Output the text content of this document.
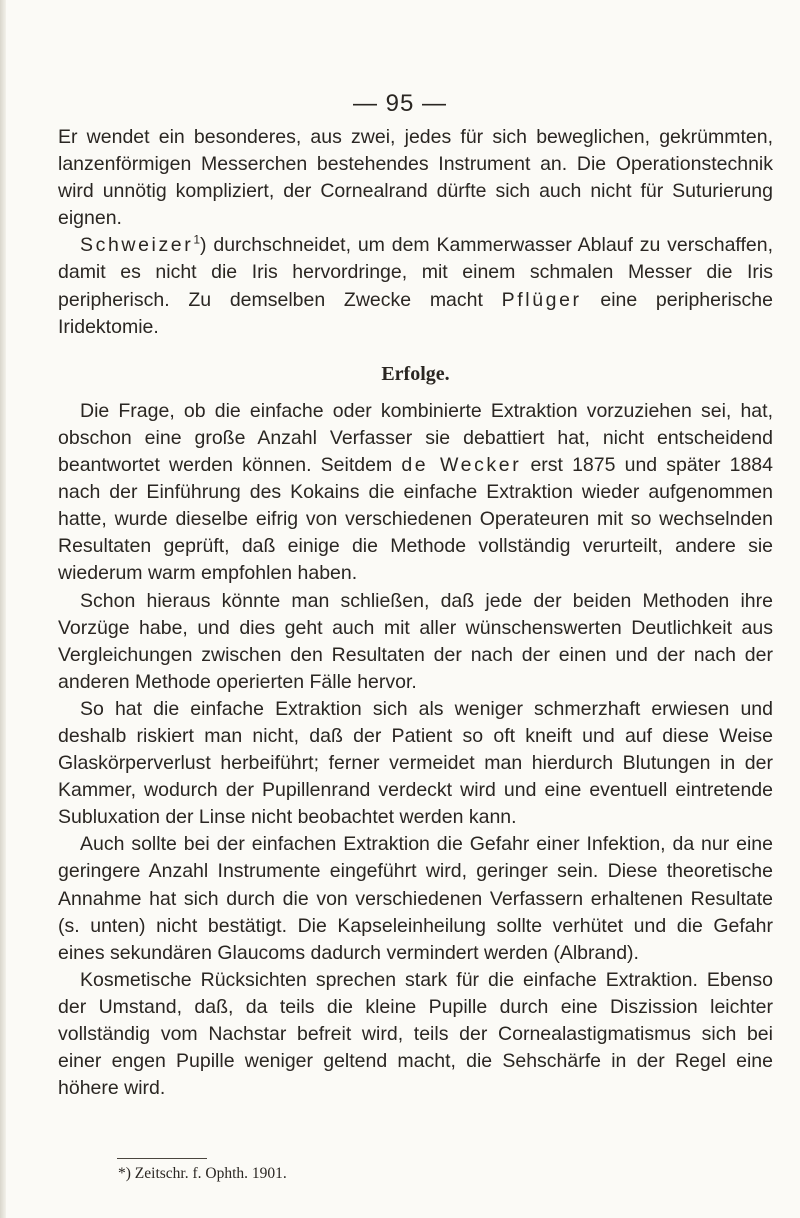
— 95 —

Er wendet ein besonderes, aus zwei, jedes für sich beweglichen, gekrümmten, lanzenförmigen Messerchen bestehendes Instrument an. Die Operationstechnik wird unnötig kompliziert, der Cornealrand dürfte sich auch nicht für Suturierung eignen.

Schweizer$^1$) durchschneidet, um dem Kammerwasser Ablauf zu verschaffen, damit es nicht die Iris hervordringe, mit einem schmalen Messer die Iris peripherisch. Zu demselben Zwecke macht Pflüger eine peripherische Iridektomie.

Erfolge.

Die Frage, ob die einfache oder kombinierte Extraktion vorzuziehen sei, hat, obschon eine große Anzahl Verfasser sie debattiert hat, nicht entscheidend beantwortet werden können. Seitdem de Wecker erst 1875 und später 1884 nach der Einführung des Kokains die einfache Extraktion wieder aufgenommen hatte, wurde dieselbe eifrig von verschiedenen Operateuren mit so wechselnden Resultaten geprüft, daß einige die Methode vollständig verurteilt, andere sie wiederum warm empfohlen haben.

Schon hieraus könnte man schließen, daß jede der beiden Methoden ihre Vorzüge habe, und dies geht auch mit aller wünschenswerten Deutlichkeit aus Vergleichungen zwischen den Resultaten der nach der einen und der nach der anderen Methode operierten Fälle hervor.

So hat die einfache Extraktion sich als weniger schmerzhaft erwiesen und deshalb riskiert man nicht, daß der Patient so oft kneift und auf diese Weise Glaskörperverlust herbeiführt; ferner vermeidet man hierdurch Blutungen in der Kammer, wodurch der Pupillenrand verdeckt wird und eine eventuell eintretende Subluxation der Linse nicht beobachtet werden kann.

Auch sollte bei der einfachen Extraktion die Gefahr einer Infektion, da nur eine geringere Anzahl Instrumente eingeführt wird, geringer sein. Diese theoretische Annahme hat sich durch die von verschiedenen Verfassern erhaltenen Resultate (s. unten) nicht bestätigt. Die Kapseleinheilung sollte verhütet und die Gefahr eines sekundären Glaucoms dadurch vermindert werden (Albrand).

Kosmetische Rücksichten sprechen stark für die einfache Extraktion. Ebenso der Umstand, daß, da teils die kleine Pupille durch eine Diszission leichter vollständig vom Nachstar befreit wird, teils der Cornealastigmatismus sich bei einer engen Pupille weniger geltend macht, die Sehschärfe in der Regel eine höhere wird.

*) Zeitschr. f. Ophth. 1901.
